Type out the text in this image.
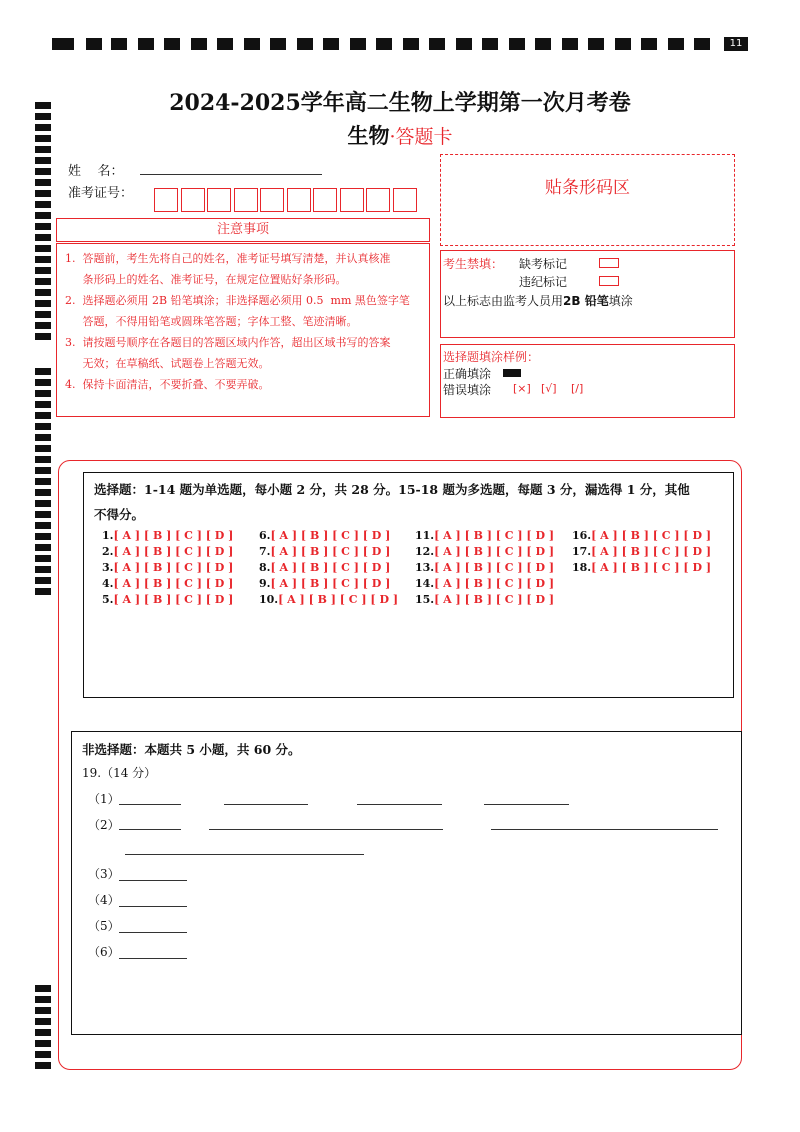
11
2024-2025学年高二生物上学期第一次月考卷
生物·答题卡
姓    名：
准考证号：	贴条形码区
注意事项
1.  答题前，考生先将自己的姓名，准考证号填写清楚，并认真核准
条形码上的姓名、准考证号，在规定位置贴好条形码。
2.  选择题必须用 2B 铅笔填涂；非选择题必须用 0.5  mm 黑色签字笔
答题，不得用铅笔或圆珠笔答题；字体工整、笔迹清晰。
3.  请按题号顺序在各题目的答题区域内作答，超出区域书写的答案
无效；在草稿纸、试题卷上答题无效。
4.  保持卡面清洁，不要折叠、不要弄破。
考生禁填： 缺考标记
违纪标记
以上标志由监考人员用2B 铅笔填涂
选择题填涂样例：
正确填涂
错误填涂 [×] [√] [/]
选择题：1-14 题为单选题，每小题 2 分，共 28 分。15-18 题为多选题，每题 3 分，漏选得 1 分，其他
不得分。
1.[ A ] [ B ] [ C ] [ D ]
2.[ A ] [ B ] [ C ] [ D ]
3.[ A ] [ B ] [ C ] [ D ]
4.[ A ] [ B ] [ C ] [ D ]
5.[ A ] [ B ] [ C ] [ D ]
6.[ A ] [ B ] [ C ] [ D ]
7.[ A ] [ B ] [ C ] [ D ]
8.[ A ] [ B ] [ C ] [ D ]
9.[ A ] [ B ] [ C ] [ D ]
10.[ A ] [ B ] [ C ] [ D ]
11.[ A ] [ B ] [ C ] [ D ]
12.[ A ] [ B ] [ C ] [ D ]
13.[ A ] [ B ] [ C ] [ D ]
14.[ A ] [ B ] [ C ] [ D ]
15.[ A ] [ B ] [ C ] [ D ]
16.[ A ] [ B ] [ C ] [ D ]
17.[ A ] [ B ] [ C ] [ D ]
18.[ A ] [ B ] [ C ] [ D ]
非选择题：本题共 5 小题，共 60 分。
19.（14 分）
（1）
（2）
（3）
（4）
（5）
（6）
